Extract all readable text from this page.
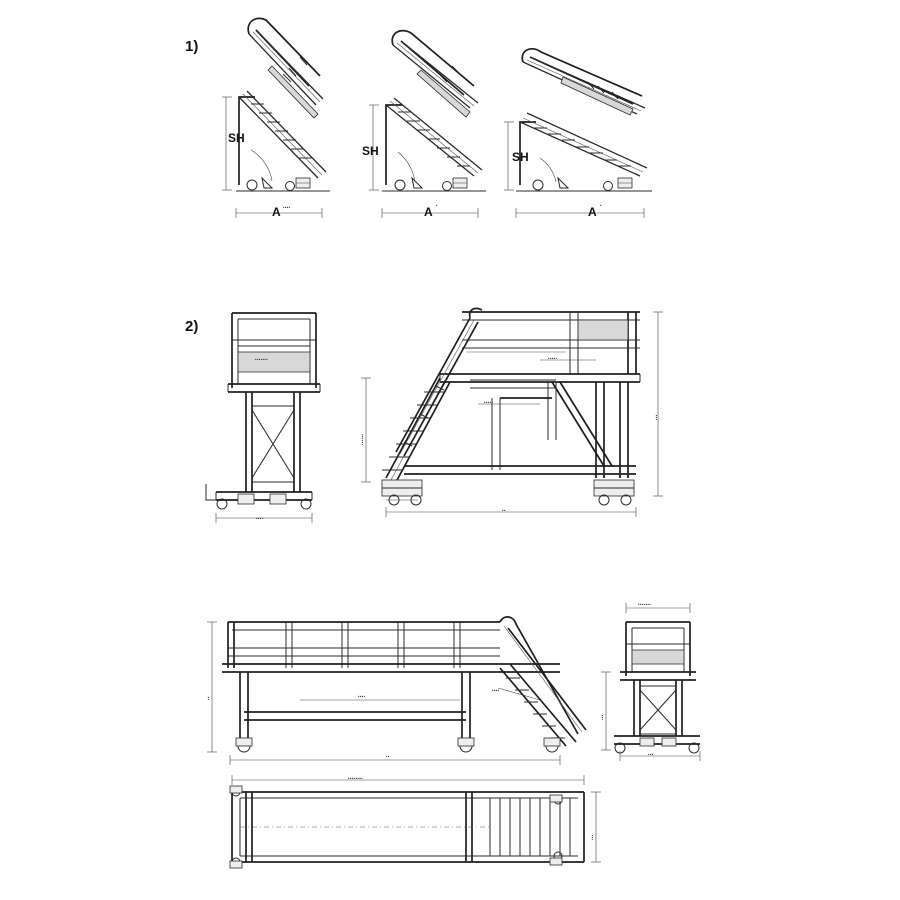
1)
SH
A ••••
SH
A •
SH
A •
2)
•••••••
••••
••••••
•••
••
•••••
•••••
••
••
••••
••••
•••••••
•••
•••
••••••••
•••
